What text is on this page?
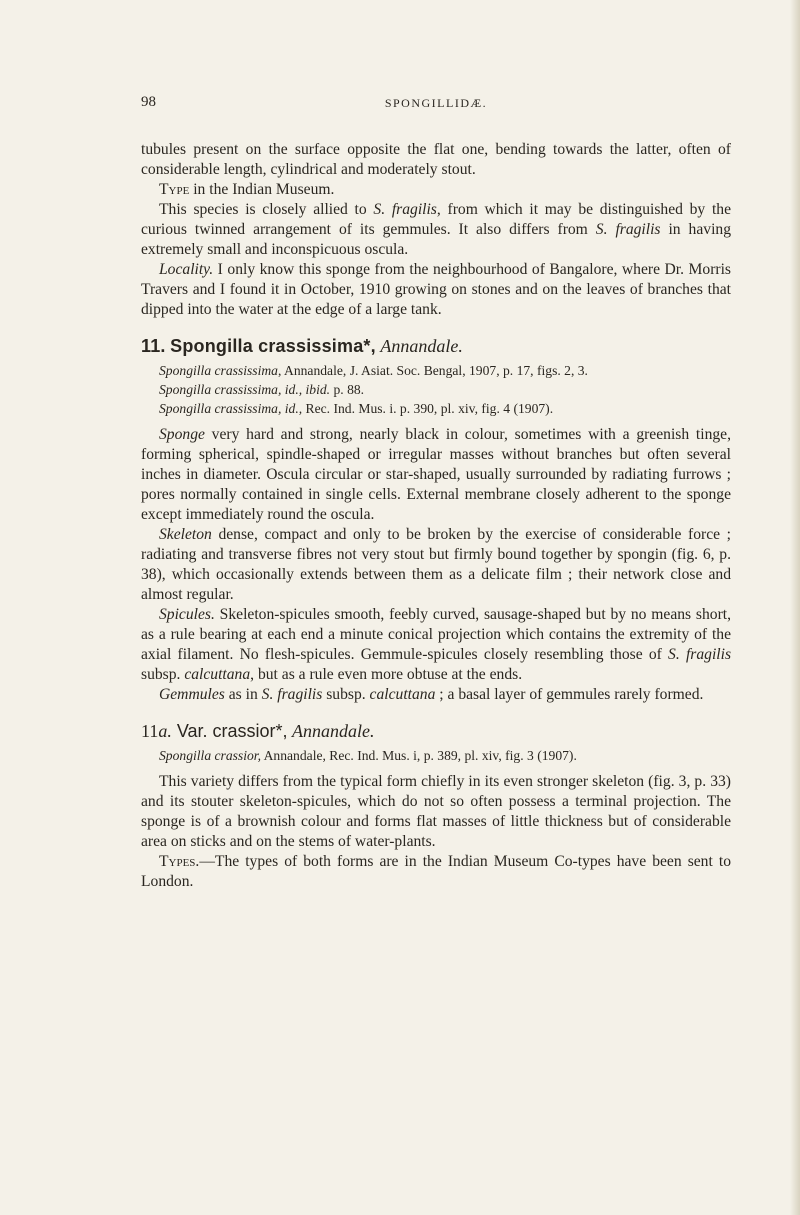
98	SPONGILLIDÆ.

tubules present on the surface opposite the flat one, bending towards the latter, often of considerable length, cylindrical and moderately stout.

Type in the Indian Museum.

This species is closely allied to S. fragilis, from which it may be distinguished by the curious twinned arrangement of its gemmules. It also differs from S. fragilis in having extremely small and inconspicuous oscula.

Locality. I only know this sponge from the neighbourhood of Bangalore, where Dr. Morris Travers and I found it in October, 1910 growing on stones and on the leaves of branches that dipped into the water at the edge of a large tank.

11. Spongilla crassissima*, Annandale.

Spongilla crassissima, Annandale, J. Asiat. Soc. Bengal, 1907, p. 17, figs. 2, 3.

Spongilla crassissima, id., ibid. p. 88.

Spongilla crassissima, id., Rec. Ind. Mus. i. p. 390, pl. xiv, fig. 4 (1907).

Sponge very hard and strong, nearly black in colour, sometimes with a greenish tinge, forming spherical, spindle-shaped or irregular masses without branches but often several inches in diameter. Oscula circular or star-shaped, usually surrounded by radiating furrows ; pores normally contained in single cells. External membrane closely adherent to the sponge except immediately round the oscula.

Skeleton dense, compact and only to be broken by the exercise of considerable force ; radiating and transverse fibres not very stout but firmly bound together by spongin (fig. 6, p. 38), which occasionally extends between them as a delicate film ; their network close and almost regular.

Spicules. Skeleton-spicules smooth, feebly curved, sausage-shaped but by no means short, as a rule bearing at each end a minute conical projection which contains the extremity of the axial filament. No flesh-spicules. Gemmule-spicules closely resembling those of S. fragilis subsp. calcuttana, but as a rule even more obtuse at the ends.

Gemmules as in S. fragilis subsp. calcuttana ; a basal layer of gemmules rarely formed.

11a. Var. crassior*, Annandale.

Spongilla crassior, Annandale, Rec. Ind. Mus. i, p. 389, pl. xiv, fig. 3 (1907).

This variety differs from the typical form chiefly in its even stronger skeleton (fig. 3, p. 33) and its stouter skeleton-spicules, which do not so often possess a terminal projection. The sponge is of a brownish colour and forms flat masses of little thickness but of considerable area on sticks and on the stems of water-plants.

Types.—The types of both forms are in the Indian Museum Co-types have been sent to London.
